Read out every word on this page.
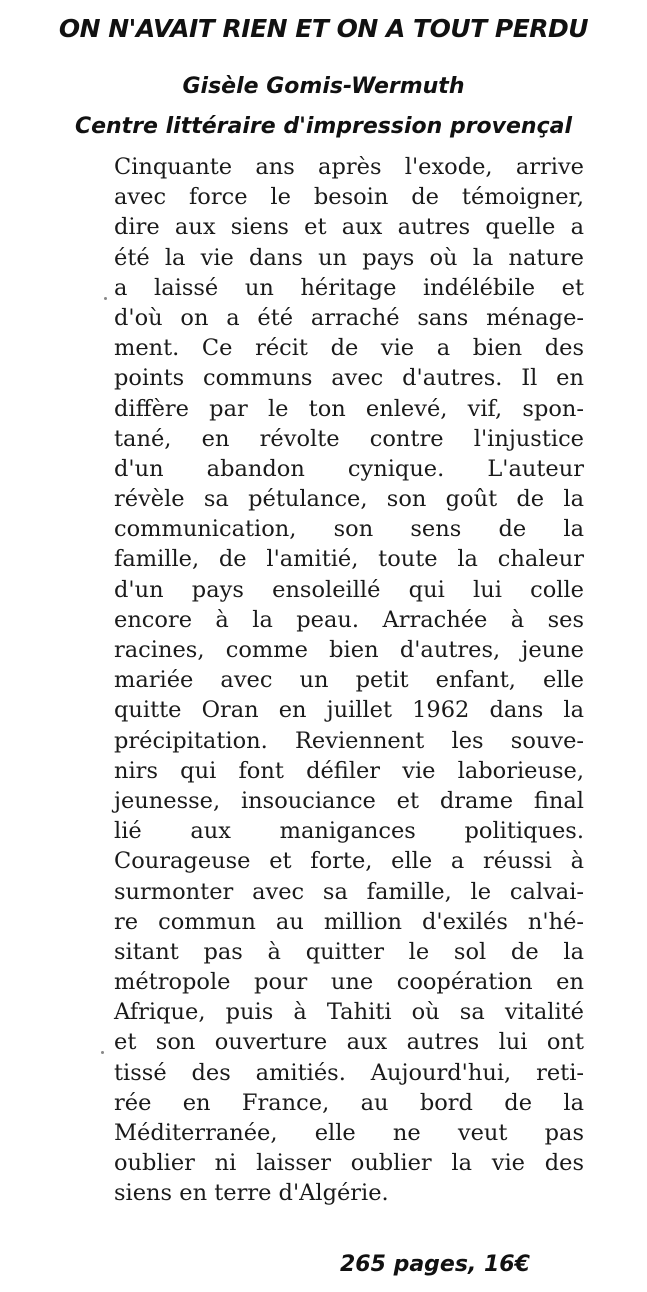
ON N'AVAIT RIEN ET ON A TOUT PERDU
Gisèle Gomis-Wermuth
Centre littéraire d'impression provençal
Cinquante ans après l'exode, arrive
avec force le besoin de témoigner,
dire aux siens et aux autres quelle a
été la vie dans un pays où la nature
a laissé un héritage indélébile et
d'où on a été arraché sans ménage-
ment. Ce récit de vie a bien des
points communs avec d'autres. Il en
diffère par le ton enlevé, vif, spon-
tané, en révolte contre l'injustice
d'un abandon cynique. L'auteur
révèle sa pétulance, son goût de la
communication, son sens de la
famille, de l'amitié, toute la chaleur
d'un pays ensoleillé qui lui colle
encore à la peau. Arrachée à ses
racines, comme bien d'autres, jeune
mariée avec un petit enfant, elle
quitte Oran en juillet 1962 dans la
précipitation. Reviennent les souve-
nirs qui font défiler vie laborieuse,
jeunesse, insouciance et drame final
lié aux manigances politiques.
Courageuse et forte, elle a réussi à
surmonter avec sa famille, le calvai-
re commun au million d'exilés n'hé-
sitant pas à quitter le sol de la
métropole pour une coopération en
Afrique, puis à Tahiti où sa vitalité
et son ouverture aux autres lui ont
tissé des amitiés. Aujourd'hui, reti-
rée en France, au bord de la
Méditerranée, elle ne veut pas
oublier ni laisser oublier la vie des
siens en terre d'Algérie.
265 pages, 16€
